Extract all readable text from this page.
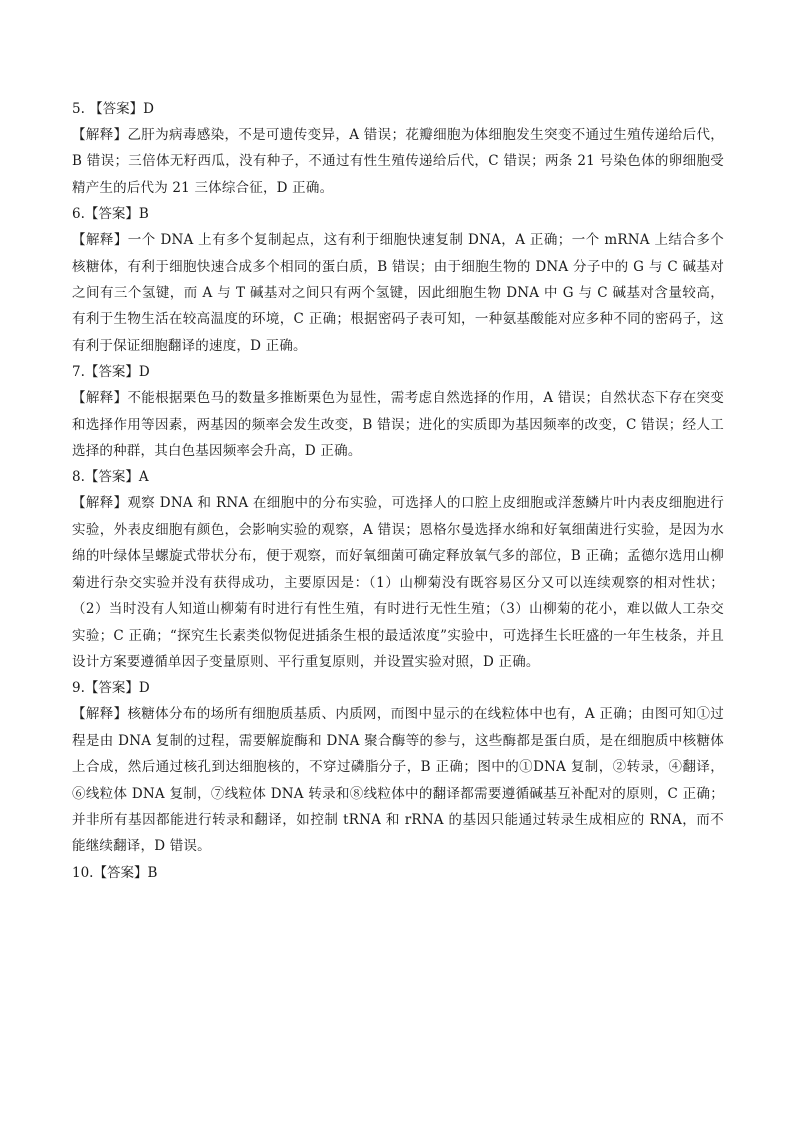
5. 【答案】D

【解释】乙肝为病毒感染，不是可遗传变异，A 错误；花瓣细胞为体细胞发生突变不通过生殖传递给后代，B 错误；三倍体无籽西瓜，没有种子，不通过有性生殖传递给后代，C 错误；两条 21 号染色体的卵细胞受精产生的后代为 21 三体综合征，D 正确。

6.【答案】B

【解释】一个 DNA 上有多个复制起点，这有利于细胞快速复制 DNA，A 正确；一个 mRNA 上结合多个核糖体，有利于细胞快速合成多个相同的蛋白质，B 错误；由于细胞生物的 DNA 分子中的 G 与 C 碱基对之间有三个氢键，而 A 与 T 碱基对之间只有两个氢键，因此细胞生物 DNA 中 G 与 C 碱基对含量较高，有利于生物生活在较高温度的环境，C 正确；根据密码子表可知，一种氨基酸能对应多种不同的密码子，这有利于保证细胞翻译的速度，D 正确。

7.【答案】D

【解释】不能根据栗色马的数量多推断栗色为显性，需考虑自然选择的作用，A 错误；自然状态下存在突变和选择作用等因素，两基因的频率会发生改变，B 错误；进化的实质即为基因频率的改变，C 错误；经人工选择的种群，其白色基因频率会升高，D 正确。

8.【答案】A

【解释】观察 DNA 和 RNA 在细胞中的分布实验，可选择人的口腔上皮细胞或洋葱鳞片叶内表皮细胞进行实验，外表皮细胞有颜色，会影响实验的观察，A 错误；恩格尔曼选择水绵和好氧细菌进行实验，是因为水绵的叶绿体呈螺旋式带状分布，便于观察，而好氧细菌可确定释放氧气多的部位，B 正确；孟德尔选用山柳菊进行杂交实验并没有获得成功，主要原因是：（1）山柳菊没有既容易区分又可以连续观察的相对性状；（2）当时没有人知道山柳菊有时进行有性生殖，有时进行无性生殖；（3）山柳菊的花小，难以做人工杂交实验；C 正确；“探究生长素类似物促进插条生根的最适浓度”实验中，可选择生长旺盛的一年生枝条，并且设计方案要遵循单因子变量原则、平行重复原则，并设置实验对照，D 正确。

9.【答案】D

【解释】核糖体分布的场所有细胞质基质、内质网，而图中显示的在线粒体中也有，A 正确；由图可知①过程是由 DNA 复制的过程，需要解旋酶和 DNA 聚合酶等的参与，这些酶都是蛋白质，是在细胞质中核糖体上合成，然后通过核孔到达细胞核的，不穿过磷脂分子，B 正确；图中的①DNA 复制，②转录，④翻译，⑥线粒体 DNA 复制，⑦线粒体 DNA 转录和⑧线粒体中的翻译都需要遵循碱基互补配对的原则，C 正确；并非所有基因都能进行转录和翻译，如控制 tRNA 和 rRNA 的基因只能通过转录生成相应的 RNA，而不能继续翻译，D 错误。

10.【答案】B
